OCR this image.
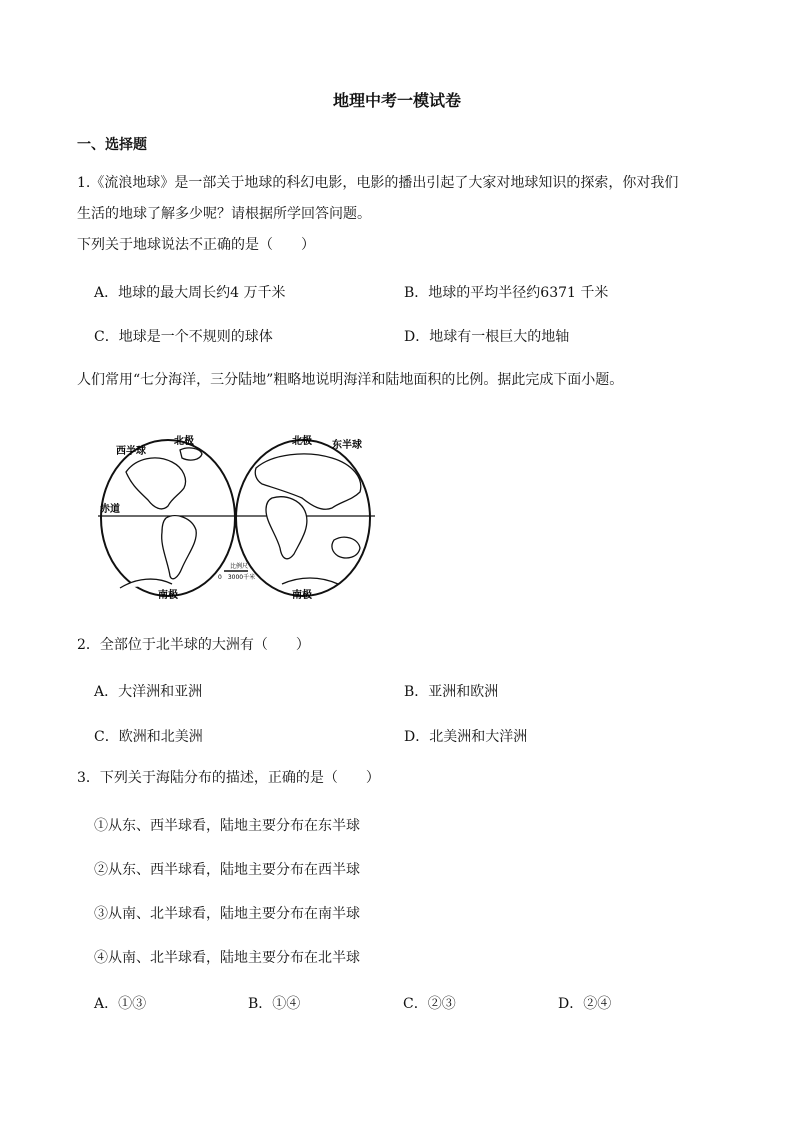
地理中考一模试卷
一、选择题
1.《流浪地球》是一部关于地球的科幻电影，电影的播出引起了大家对地球知识的探索，你对我们
生活的地球了解多少呢？请根据所学回答问题。
下列关于地球说法不正确的是（　　）
A．地球的最大周长约4 万千米	B．地球的平均半径约6371 千米
C．地球是一个不规则的球体	D．地球有一根巨大的地轴
人们常用“七分海洋，三分陆地”粗略地说明海洋和陆地面积的比例。据此完成下面小题。
西半球
北极	北极 东半球
赤道
南极	南极
比例尺
0　3000千米
2．全部位于北半球的大洲有（　　）
A．大洋洲和亚洲	B．亚洲和欧洲
C．欧洲和北美洲	D．北美洲和大洋洲
3．下列关于海陆分布的描述，正确的是（　　）
①从东、西半球看，陆地主要分布在东半球
②从东、西半球看，陆地主要分布在西半球
③从南、北半球看，陆地主要分布在南半球
④从南、北半球看，陆地主要分布在北半球
A．①③	B．①④	C．②③	D．②④
